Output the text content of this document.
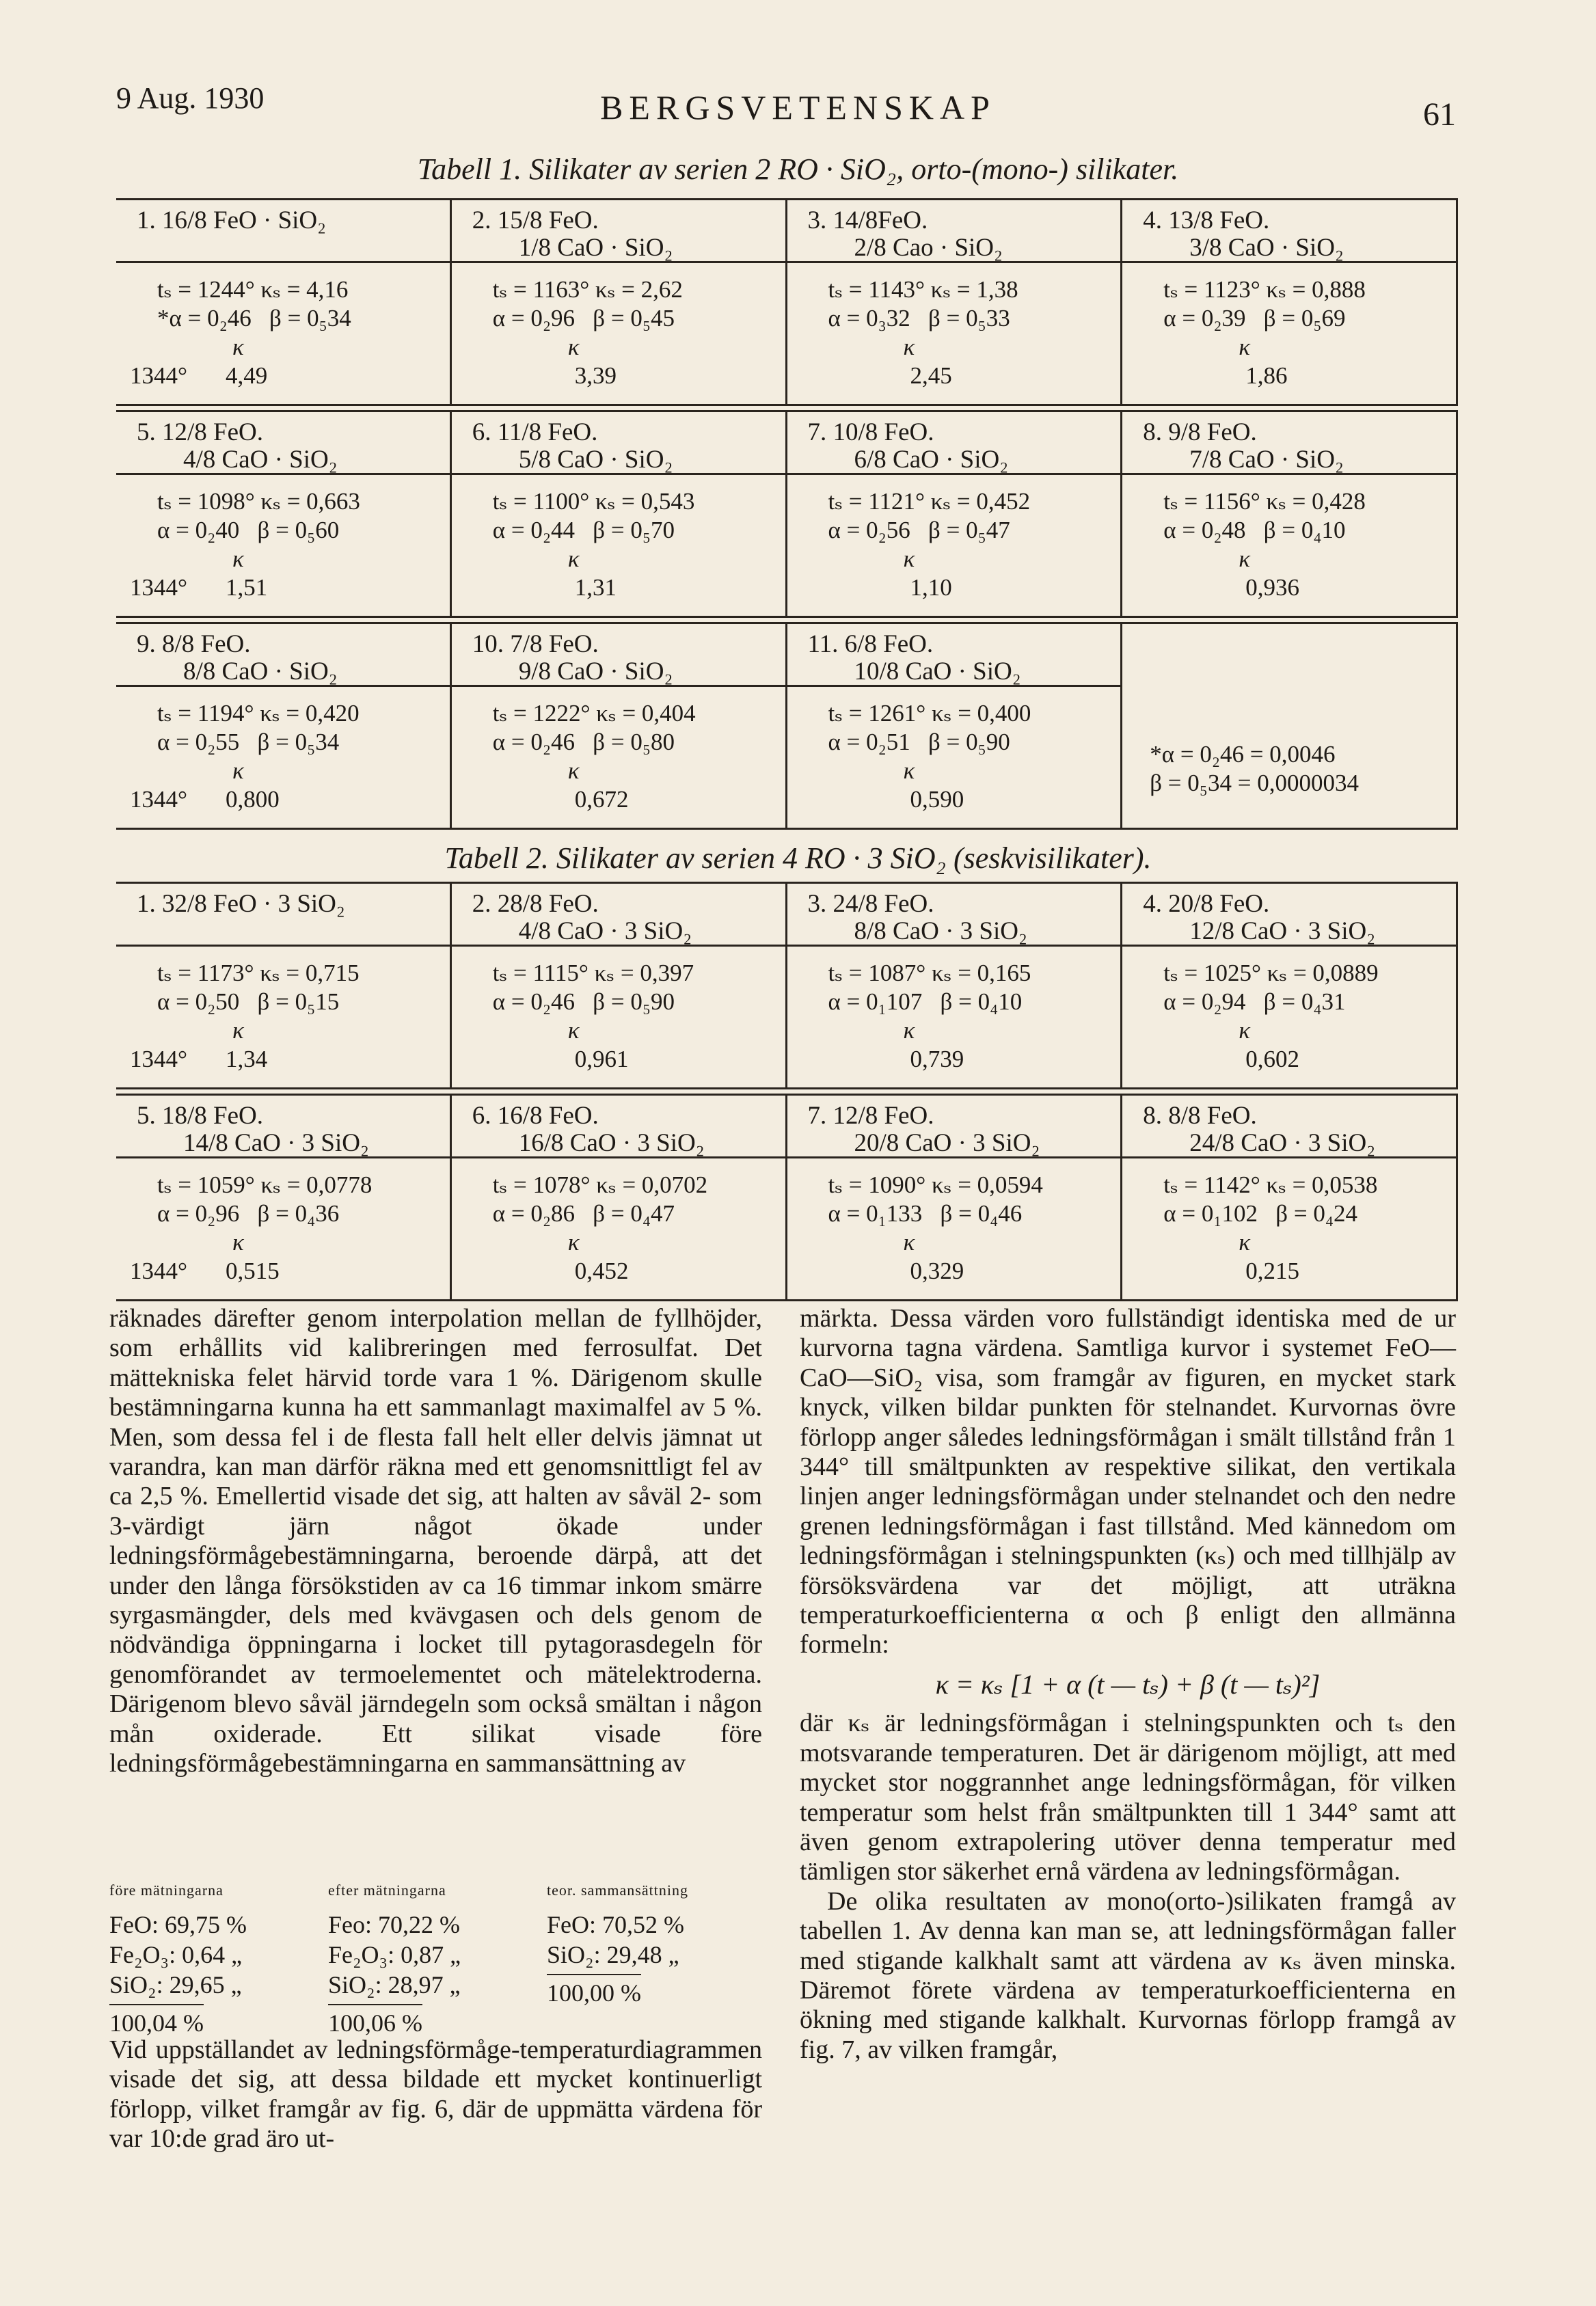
9 Aug. 1930	BERGSVETENSKAP	61
Tabell 1. Silikater av serien 2 RO · SiO₂, orto-(mono-) silikater.
1. 16/8 FeO · SiO₂
tₛ = 1244° κₛ = 4,16
*α = 0₂46 β = 0₅34
κ
1344° 4,49
2. 15/8 FeO.
1/8 CaO · SiO₂
tₛ = 1163° κₛ = 2,62
α = 0₂96 β = 0₅45
κ
3,39
3. 14/8FeO.
2/8 Cao · SiO₂
tₛ = 1143° κₛ = 1,38
α = 0₃32 β = 0₅33
κ
2,45
4. 13/8 FeO.
3/8 CaO · SiO₂
tₛ = 1123° κₛ = 0,888
α = 0₂39 β = 0₅69
κ
1,86
5. 12/8 FeO.
4/8 CaO · SiO₂
tₛ = 1098° κₛ = 0,663
α = 0₂40 β = 0₅60
κ
1344° 1,51
6. 11/8 FeO.
5/8 CaO · SiO₂
tₛ = 1100° κₛ = 0,543
α = 0₂44 β = 0₅70
κ
1,31
7. 10/8 FeO.
6/8 CaO · SiO₂
tₛ = 1121° κₛ = 0,452
α = 0₂56 β = 0₅47
κ
1,10
8. 9/8 FeO.
7/8 CaO · SiO₂
tₛ = 1156° κₛ = 0,428
α = 0₂48 β = 0₄10
κ
0,936
9. 8/8 FeO.
8/8 CaO · SiO₂
tₛ = 1194° κₛ = 0,420
α = 0₂55 β = 0₅34
κ
1344° 0,800
10. 7/8 FeO.
9/8 CaO · SiO₂
tₛ = 1222° κₛ = 0,404
α = 0₂46 β = 0₅80
κ
0,672
11. 6/8 FeO.
10/8 CaO · SiO₂
tₛ = 1261° κₛ = 0,400
α = 0₂51 β = 0₅90
κ
0,590
*α = 0₂46 = 0,0046
β = 0₅34 = 0,0000034
Tabell 2. Silikater av serien 4 RO · 3 SiO₂ (seskvisilikater).
1. 32/8 FeO · 3 SiO₂
tₛ = 1173° κₛ = 0,715
α = 0₂50 β = 0₅15
κ
1344° 1,34
2. 28/8 FeO.
4/8 CaO · 3 SiO₂
tₛ = 1115° κₛ = 0,397
α = 0₂46 β = 0₅90
κ
0,961
3. 24/8 FeO.
8/8 CaO · 3 SiO₂
tₛ = 1087° κₛ = 0,165
α = 0₁107 β = 0₄10
κ
0,739
4. 20/8 FeO.
12/8 CaO · 3 SiO₂
tₛ = 1025° κₛ = 0,0889
α = 0₂94 β = 0₄31
κ
0,602
5. 18/8 FeO.
14/8 CaO · 3 SiO₂
tₛ = 1059° κₛ = 0,0778
α = 0₂96 β = 0₄36
κ
1344° 0,515
6. 16/8 FeO.
16/8 CaO · 3 SiO₂
tₛ = 1078° κₛ = 0,0702
α = 0₂86 β = 0₄47
κ
0,452
7. 12/8 FeO.
20/8 CaO · 3 SiO₂
tₛ = 1090° κₛ = 0,0594
α = 0₁133 β = 0₄46
κ
0,329
8. 8/8 FeO.
24/8 CaO · 3 SiO₂
tₛ = 1142° κₛ = 0,0538
α = 0₁102 β = 0₄24
κ
0,215

räknades därefter genom interpolation mellan de fyllhöjder, som erhållits vid kalibreringen med ferrosulfat. Det mättekniska felet härvid torde vara 1 %. Därigenom skulle bestämningarna kunna ha ett sammanlagt maximalfel av 5 %. Men, som dessa fel i de flesta fall helt eller delvis jämnat ut varandra, kan man därför räkna med ett genomsnittligt fel av ca 2,5 %. Emellertid visade det sig, att halten av såväl 2- som 3-värdigt järn något ökade under ledningsförmågebestämningarna, beroende därpå, att det under den långa försökstiden av ca 16 timmar inkom smärre syrgasmängder, dels med kvävgasen och dels genom de nödvändiga öppningarna i locket till pytagorasdegeln för genomförandet av termoelementet och mätelektroderna. Därigenom blevo såväl järndegeln som också smältan i någon mån oxiderade. Ett silikat visade före ledningsförmågebestämningarna en sammansättning av

före mätningarna
FeO: 69,75 %
Fe₂O₃: 0,64 „
SiO₂: 29,65 „
100,04 %
efter mätningarna
Feo: 70,22 %
Fe₂O₃: 0,87 „
SiO₂: 28,97 „
100,06 %
teor. sammansättning
FeO: 70,52 %
SiO₂: 29,48 „
100,00 %

Vid uppställandet av ledningsförmåge-temperaturdiagrammen visade det sig, att dessa bildade ett mycket kontinuerligt förlopp, vilket framgår av fig. 6, där de uppmätta värdena för var 10:de grad äro ut-

märkta. Dessa värden voro fullständigt identiska med de ur kurvorna tagna värdena. Samtliga kurvor i systemet FeO—CaO—SiO₂ visa, som framgår av figuren, en mycket stark knyck, vilken bildar punkten för stelnandet. Kurvornas övre förlopp anger således ledningsförmågan i smält tillstånd från 1 344° till smältpunkten av respektive silikat, den vertikala linjen anger ledningsförmågan under stelnandet och den nedre grenen ledningsförmågan i fast tillstånd. Med kännedom om ledningsförmågan i stelningspunkten (κₛ) och med tillhjälp av försöksvärdena var det möjligt, att uträkna temperaturkoefficienterna α och β enligt den allmänna formeln:

κ = κₛ [1 + α (t — tₛ) + β (t — tₛ)²]

där κₛ är ledningsförmågan i stelningspunkten och tₛ den motsvarande temperaturen. Det är därigenom möjligt, att med mycket stor noggrannhet ange ledningsförmågan, för vilken temperatur som helst från smältpunkten till 1 344° samt att även genom extrapolering utöver denna temperatur med tämligen stor säkerhet ernå värdena av ledningsförmågan.

De olika resultaten av mono(orto-)silikaten framgå av tabellen 1. Av denna kan man se, att ledningsförmågan faller med stigande kalkhalt samt att värdena av κₛ även minska. Däremot förete värdena av temperaturkoefficienterna en ökning med stigande kalkhalt. Kurvornas förlopp framgå av fig. 7, av vilken framgår,
